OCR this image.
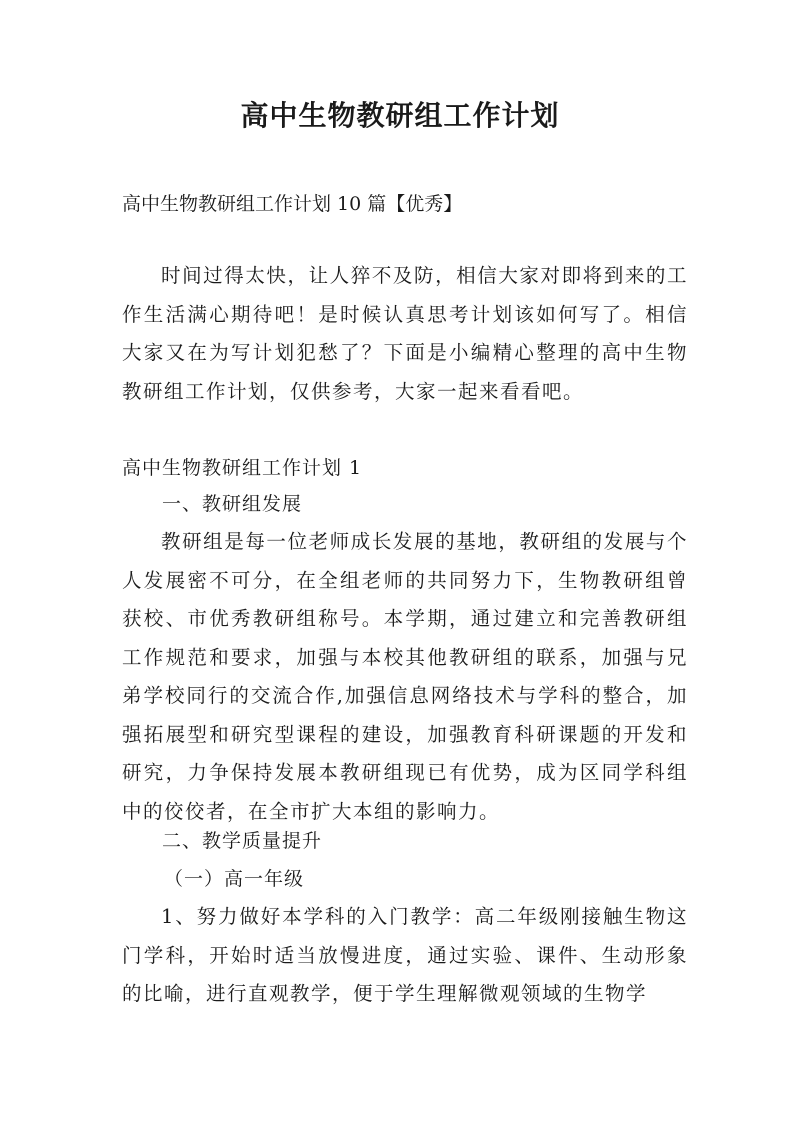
高中生物教研组工作计划
高中生物教研组工作计划 10 篇【优秀】

时间过得太快，让人猝不及防，相信大家对即将到来的工作生活满心期待吧！是时候认真思考计划该如何写了。相信大家又在为写计划犯愁了？下面是小编精心整理的高中生物教研组工作计划，仅供参考，大家一起来看看吧。

高中生物教研组工作计划 1
一、教研组发展

教研组是每一位老师成长发展的基地，教研组的发展与个人发展密不可分，在全组老师的共同努力下，生物教研组曾获校、市优秀教研组称号。本学期，通过建立和完善教研组工作规范和要求，加强与本校其他教研组的联系，加强与兄弟学校同行的交流合作,加强信息网络技术与学科的整合，加强拓展型和研究型课程的建设，加强教育科研课题的开发和研究，力争保持发展本教研组现已有优势，成为区同学科组中的佼佼者，在全市扩大本组的影响力。

二、教学质量提升
（一）高一年级

1、努力做好本学科的入门教学：高二年级刚接触生物这门学科，开始时适当放慢进度，通过实验、课件、生动形象的比喻，进行直观教学，便于学生理解微观领域的生物学
